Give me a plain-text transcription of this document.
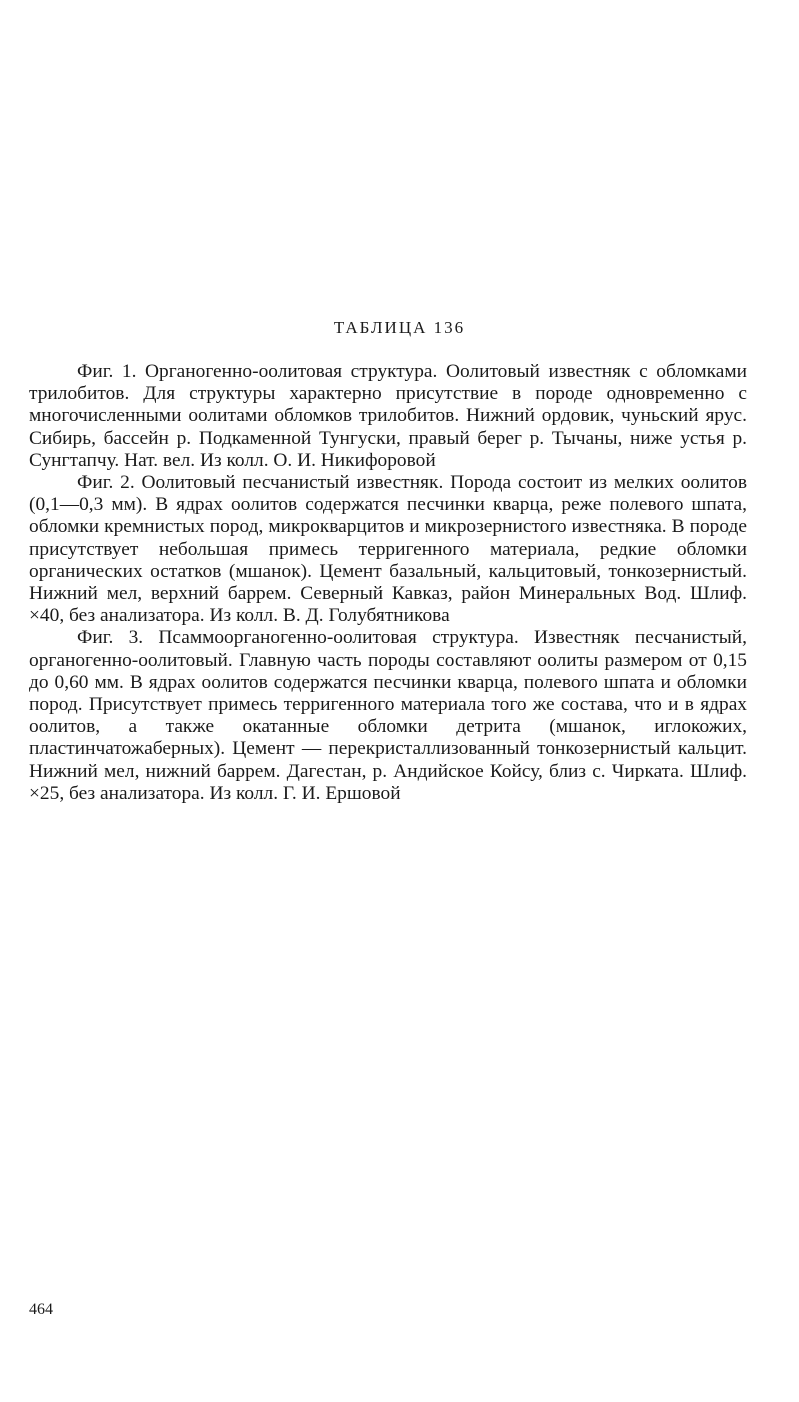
ТАБЛИЦА 136

Фиг. 1. Органогенно-оолитовая структура. Оолитовый известняк с обломками трилобитов. Для структуры характерно присутствие в породе одновременно с многочисленными оолитами обломков трилобитов. Нижний ордовик, чуньский ярус. Сибирь, бассейн р. Подкаменной Тунгуски, правый берег р. Тычаны, ниже устья р. Сунгтапчу. Нат. вел. Из колл. О. И. Никифоровой

Фиг. 2. Оолитовый песчанистый известняк. Порода состоит из мелких оолитов (0,1—0,3 мм). В ядрах оолитов содержатся песчинки кварца, реже полевого шпата, обломки кремнистых пород, микрокварцитов и микрозернистого известняка. В породе присутствует небольшая примесь терригенного материала, редкие обломки органических остатков (мшанок). Цемент базальный, кальцитовый, тонкозернистый. Нижний мел, верхний баррем. Северный Кавказ, район Минеральных Вод. Шлиф. ×40, без анализатора. Из колл. В. Д. Голубятникова

Фиг. 3. Псаммоорганогенно-оолитовая структура. Известняк песчанистый, органогенно-оолитовый. Главную часть породы составляют оолиты размером от 0,15 до 0,60 мм. В ядрах оолитов содержатся песчинки кварца, полевого шпата и обломки пород. Присутствует примесь терригенного материала того же состава, что и в ядрах оолитов, а также окатанные обломки детрита (мшанок, иглокожих, пластинчатожаберных). Цемент — перекристаллизованный тонкозернистый кальцит. Нижний мел, нижний баррем. Дагестан, р. Андийское Койсу, близ с. Чирката. Шлиф. ×25, без анализатора. Из колл. Г. И. Ершовой

464
